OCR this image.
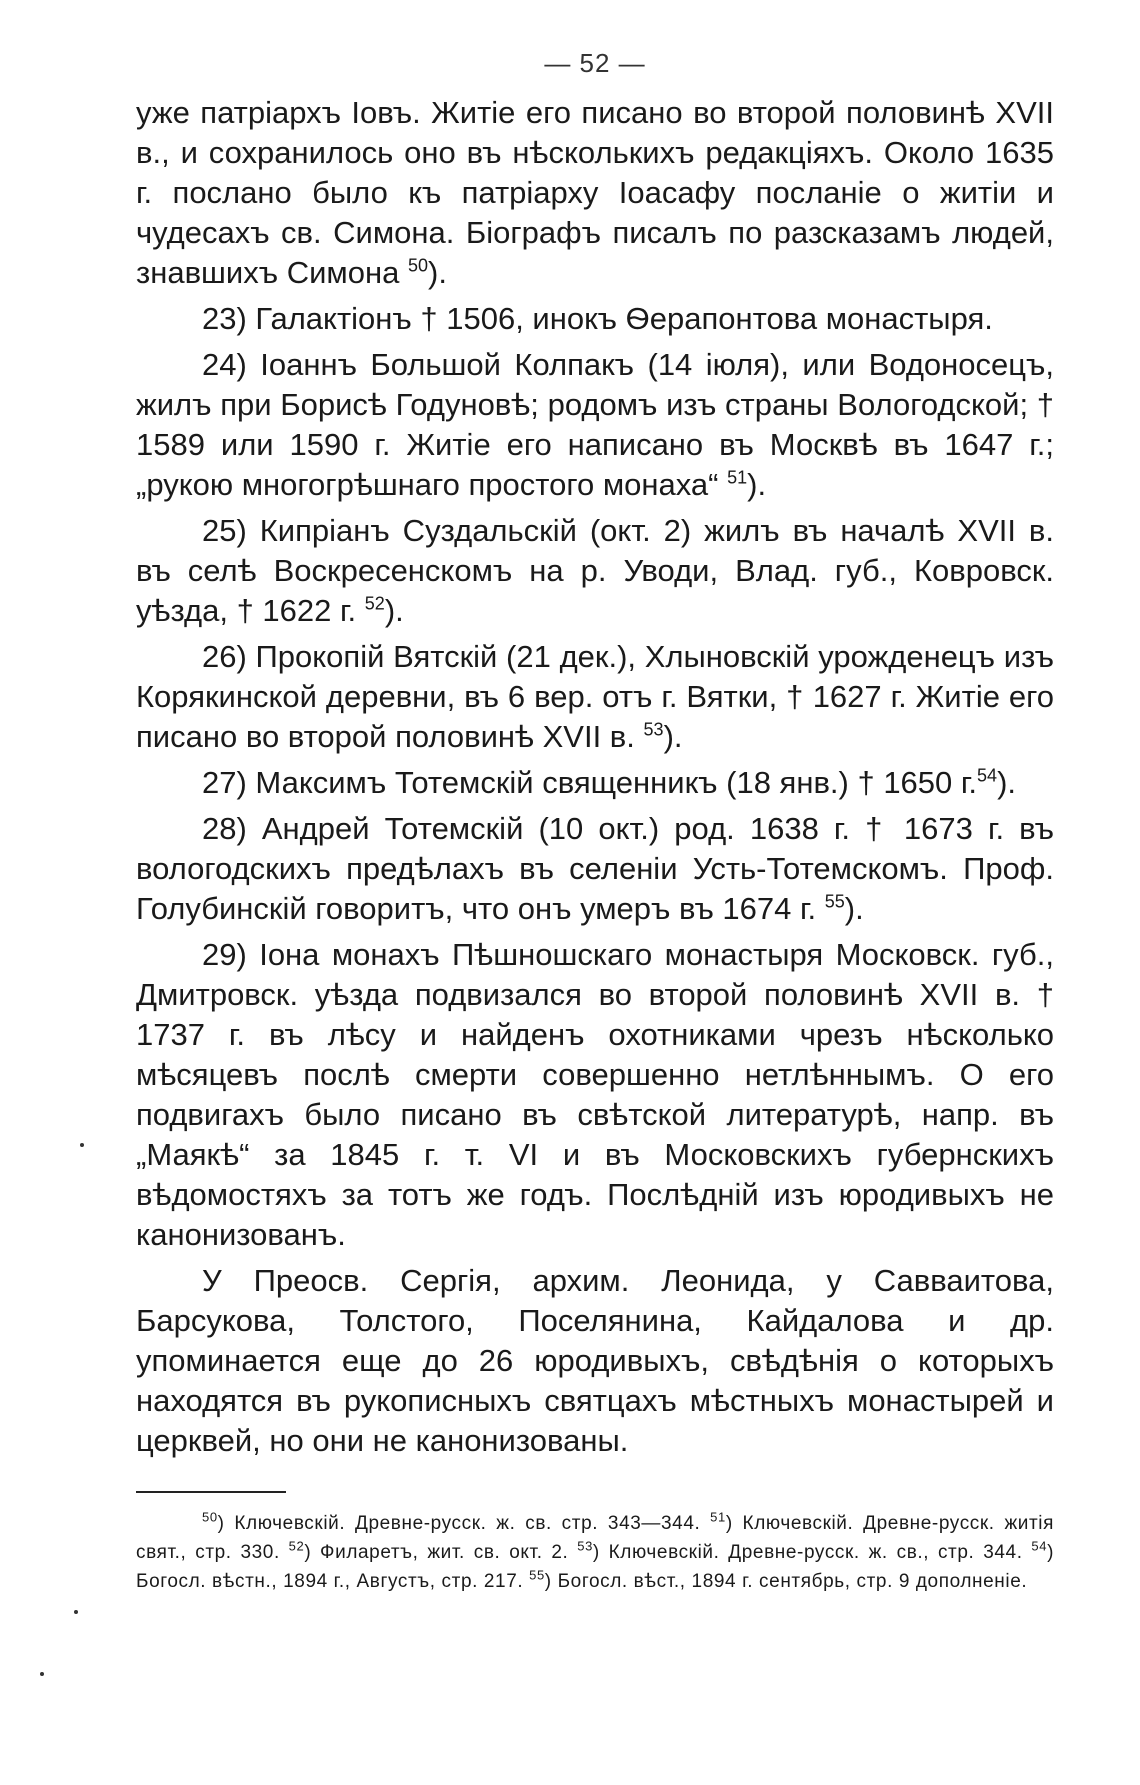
— 52 —

уже патріархъ Іовъ. Житіе его писано во второй половинѣ XVII в., и сохранилось оно въ нѣсколькихъ редакціяхъ. Около 1635 г. послано было къ патріарху Іоасафу посланіе о житіи и чудесахъ св. Симона. Біографъ писалъ по разсказамъ людей, знавшихъ Симона $^{50}$).

23) Галактіонъ † 1506, инокъ Ѳерапонтова монастыря.

24) Іоаннъ Большой Колпакъ (14 іюля), или Водоносецъ, жилъ при Борисѣ Годуновѣ; родомъ изъ страны Вологодской; † 1589 или 1590 г. Житіе его написано въ Москвѣ въ 1647 г.; „рукою многогрѣшнаго простого монаха“ $^{51}$).

25) Кипріанъ Суздальскій (окт. 2) жилъ въ началѣ XVII в. въ селѣ Воскресенскомъ на р. Уводи, Влад. губ., Ковровск. уѣзда, † 1622 г. $^{52}$).

26) Прокопій Вятскій (21 дек.), Хлыновскій урожденецъ изъ Корякинской деревни, въ 6 вер. отъ г. Вятки, † 1627 г. Житіе его писано во второй половинѣ XVII в. $^{53}$).

27) Максимъ Тотемскій священникъ (18 янв.) † 1650 г.$^{54}$).

28) Андрей Тотемскій (10 окт.) род. 1638 г. † 1673 г. въ вологодскихъ предѣлахъ въ селеніи Усть-Тотемскомъ. Проф. Голубинскій говоритъ, что онъ умеръ въ 1674 г. $^{55}$).

29) Іона монахъ Пѣшношскаго монастыря Московск. губ., Дмитровск. уѣзда подвизался во второй половинѣ XVII в. † 1737 г. въ лѣсу и найденъ охотниками чрезъ нѣсколько мѣсяцевъ послѣ смерти совершенно нетлѣннымъ. О его подвигахъ было писано въ свѣтской литературѣ, напр. въ „Маякѣ“ за 1845 г. т. VI и въ Московскихъ губернскихъ вѣдомостяхъ за тотъ же годъ. Послѣдній изъ юродивыхъ не канонизованъ.

У Преосв. Сергія, архим. Леонида, у Савваитова, Барсукова, Толстого, Поселянина, Кайдалова и др. упоминается еще до 26 юродивыхъ, свѣдѣнія о которыхъ находятся въ рукописныхъ святцахъ мѣстныхъ монастырей и церквей, но они не канонизованы.

$^{50}$) Ключевскій. Древне-русск. ж. св. стр. 343—344. $^{51}$) Ключевскій. Древне-русск. житія свят., стр. 330. $^{52}$) Филаретъ, жит. св. окт. 2. $^{53}$) Ключевскій. Древне-русск. ж. св., стр. 344. $^{54}$) Богосл. вѣстн., 1894 г., Августъ, стр. 217. $^{55}$) Богосл. вѣст., 1894 г. сентябрь, стр. 9 дополненіе.
